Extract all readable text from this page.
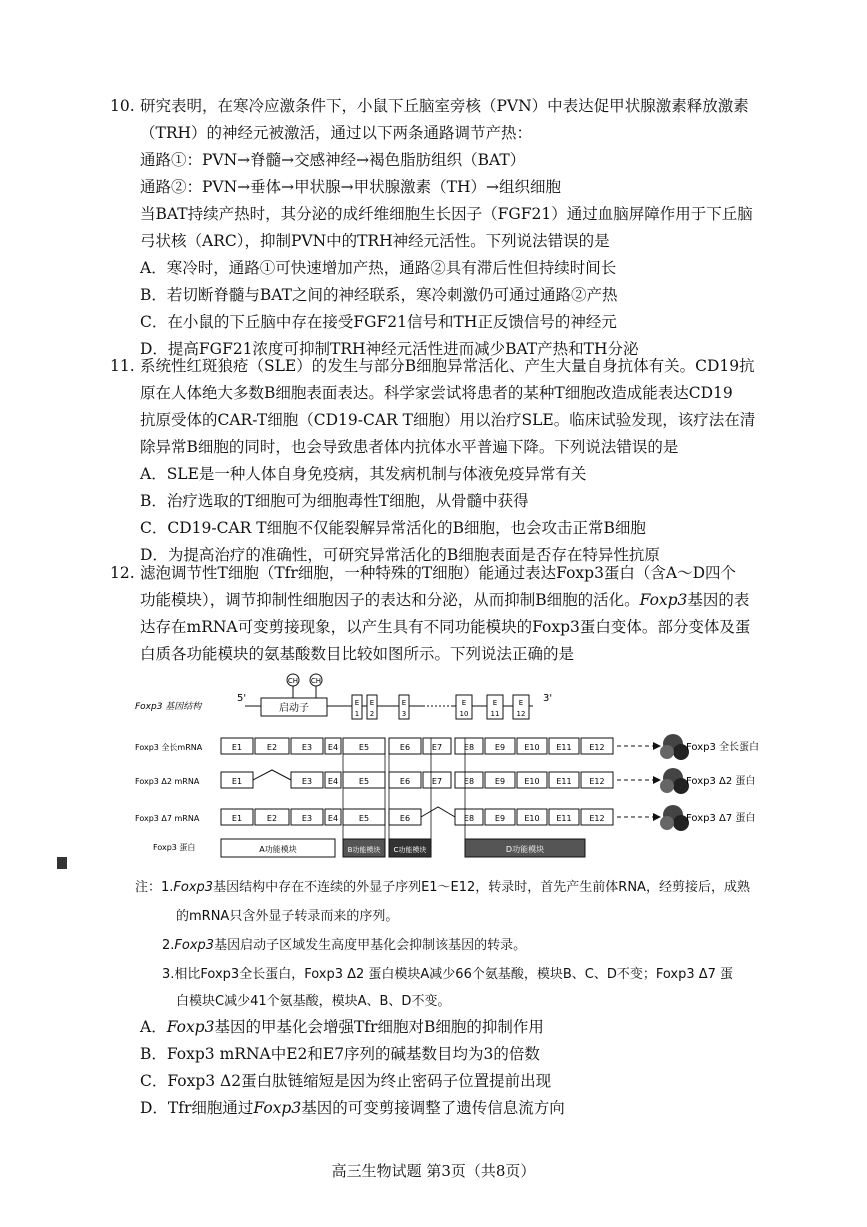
10. 研究表明，在寒冷应激条件下，小鼠下丘脑室旁核（PVN）中表达促甲状腺激素释放激素
（TRH）的神经元被激活，通过以下两条通路调节产热：
通路①：PVN→脊髓→交感神经→褐色脂肪组织（BAT）
通路②：PVN→垂体→甲状腺→甲状腺激素（TH）→组织细胞
当BAT持续产热时，其分泌的成纤维细胞生长因子（FGF21）通过血脑屏障作用于下丘脑
弓状核（ARC），抑制PVN中的TRH神经元活性。下列说法错误的是
A．寒冷时，通路①可快速增加产热，通路②具有滞后性但持续时间长
B．若切断脊髓与BAT之间的神经联系，寒冷刺激仍可通过通路②产热
C．在小鼠的下丘脑中存在接受FGF21信号和TH正反馈信号的神经元
D．提高FGF21浓度可抑制TRH神经元活性进而减少BAT产热和TH分泌
11. 系统性红斑狼疮（SLE）的发生与部分B细胞异常活化、产生大量自身抗体有关。CD19抗
原在人体绝大多数B细胞表面表达。科学家尝试将患者的某种T细胞改造成能表达CD19
抗原受体的CAR-T细胞（CD19-CAR T细胞）用以治疗SLE。临床试验发现，该疗法在清
除异常B细胞的同时，也会导致患者体内抗体水平普遍下降。下列说法错误的是
A．SLE是一种人体自身免疫病，其发病机制与体液免疫异常有关
B．治疗选取的T细胞可为细胞毒性T细胞，从骨髓中获得
C．CD19-CAR T细胞不仅能裂解异常活化的B细胞，也会攻击正常B细胞
D．为提高治疗的准确性，可研究异常活化的B细胞表面是否存在特异性抗原
12. 滤泡调节性T细胞（Tfr细胞，一种特殊的T细胞）能通过表达Foxp3蛋白（含A～D四个
功能模块），调节抑制性细胞因子的表达和分泌，从而抑制B细胞的活化。Foxp3基因的表
达存在mRNA可变剪接现象，以产生具有不同功能模块的Foxp3蛋白变体。部分变体及蛋
白质各功能模块的氨基酸数目比较如图所示。下列说法正确的是
Foxp3 基因结构
5'
启动子
CH CH
E
1
E
2
E
3
E
10
E
11
E
12
3'
Foxp3 全长mRNA	E1	E2	E3 E4	E5	E6	E7	E8	E9 E10 E11 E12	Foxp3 全长蛋白
Foxp3 Δ2 mRNA	E1	E3 E4	E5	E6	E7	E8	E9 E10 E11 E12	Foxp3 Δ2 蛋白
Foxp3 Δ7 mRNA	E1	E2	E3 E4	E5	E6	E8	E9 E10 E11 E12	Foxp3 Δ7 蛋白
Foxp3 蛋白	A功能模块	B功能模块 C功能模块	D功能模块
注：1.Foxp3基因结构中存在不连续的外显子序列E1～E12，转录时，首先产生前体RNA，经剪接后，成熟
的mRNA只含外显子转录而来的序列。
2.Foxp3基因启动子区域发生高度甲基化会抑制该基因的转录。
3.相比Foxp3全长蛋白，Foxp3 Δ2 蛋白模块A减少66个氨基酸，模块B、C、D不变；Foxp3 Δ7 蛋
白模块C减少41个氨基酸，模块A、B、D不变。
A．Foxp3基因的甲基化会增强Tfr细胞对B细胞的抑制作用
B．Foxp3 mRNA中E2和E7序列的碱基数目均为3的倍数
C．Foxp3 Δ2蛋白肽链缩短是因为终止密码子位置提前出现
D．Tfr细胞通过Foxp3基因的可变剪接调整了遗传信息流方向
高三生物试题 第3页（共8页）
